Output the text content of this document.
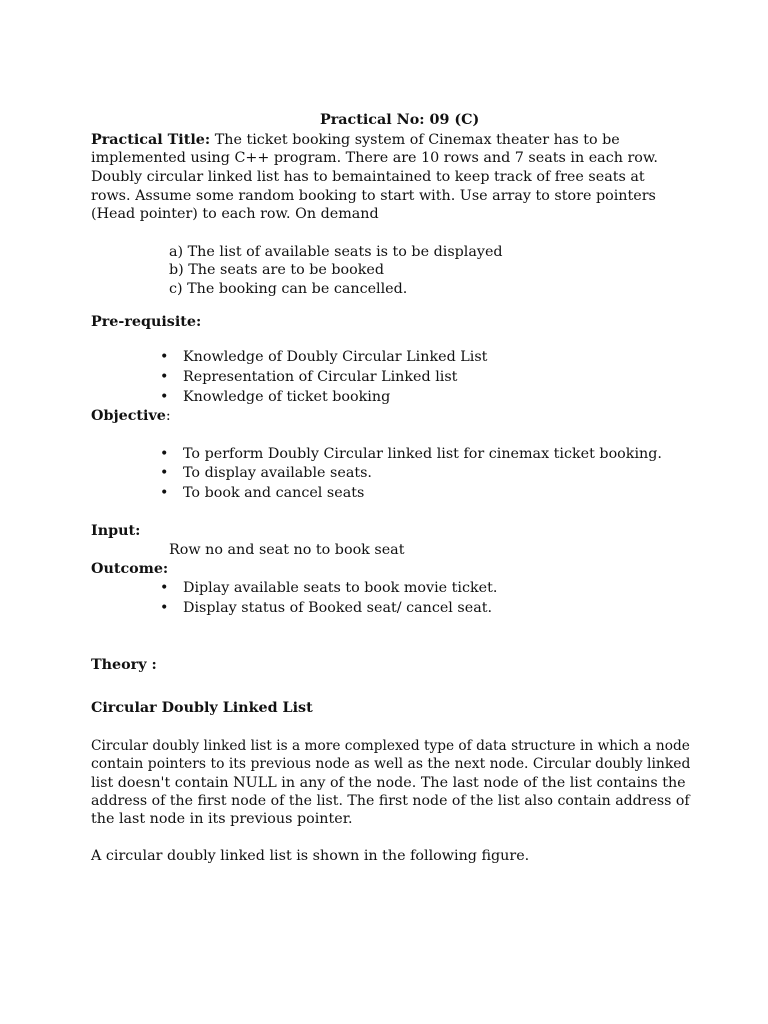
Practical No: 09 (C)
Practical Title: The ticket booking system of Cinemax theater has to be
implemented using C++ program. There are 10 rows and 7 seats in each row.
Doubly circular linked list has to bemaintained to keep track of free seats at
rows. Assume some random booking to start with. Use array to store pointers
(Head pointer) to each row. On demand
a) The list of available seats is to be displayed
b) The seats are to be booked
c) The booking can be cancelled.
Pre-requisite:
• Knowledge of Doubly Circular Linked List
• Representation of Circular Linked list
• Knowledge of ticket booking
Objective:
• To perform Doubly Circular linked list for cinemax ticket booking.
• To display available seats.
• To book and cancel seats
Input:
Row no and seat no to book seat
Outcome:
• Diplay available seats to book movie ticket.
• Display status of Booked seat/ cancel seat.
Theory :
Circular Doubly Linked List
Circular doubly linked list is a more complexed type of data structure in which a node
contain pointers to its previous node as well as the next node. Circular doubly linked
list doesn't contain NULL in any of the node. The last node of the list contains the
address of the first node of the list. The first node of the list also contain address of
the last node in its previous pointer.
A circular doubly linked list is shown in the following figure.
